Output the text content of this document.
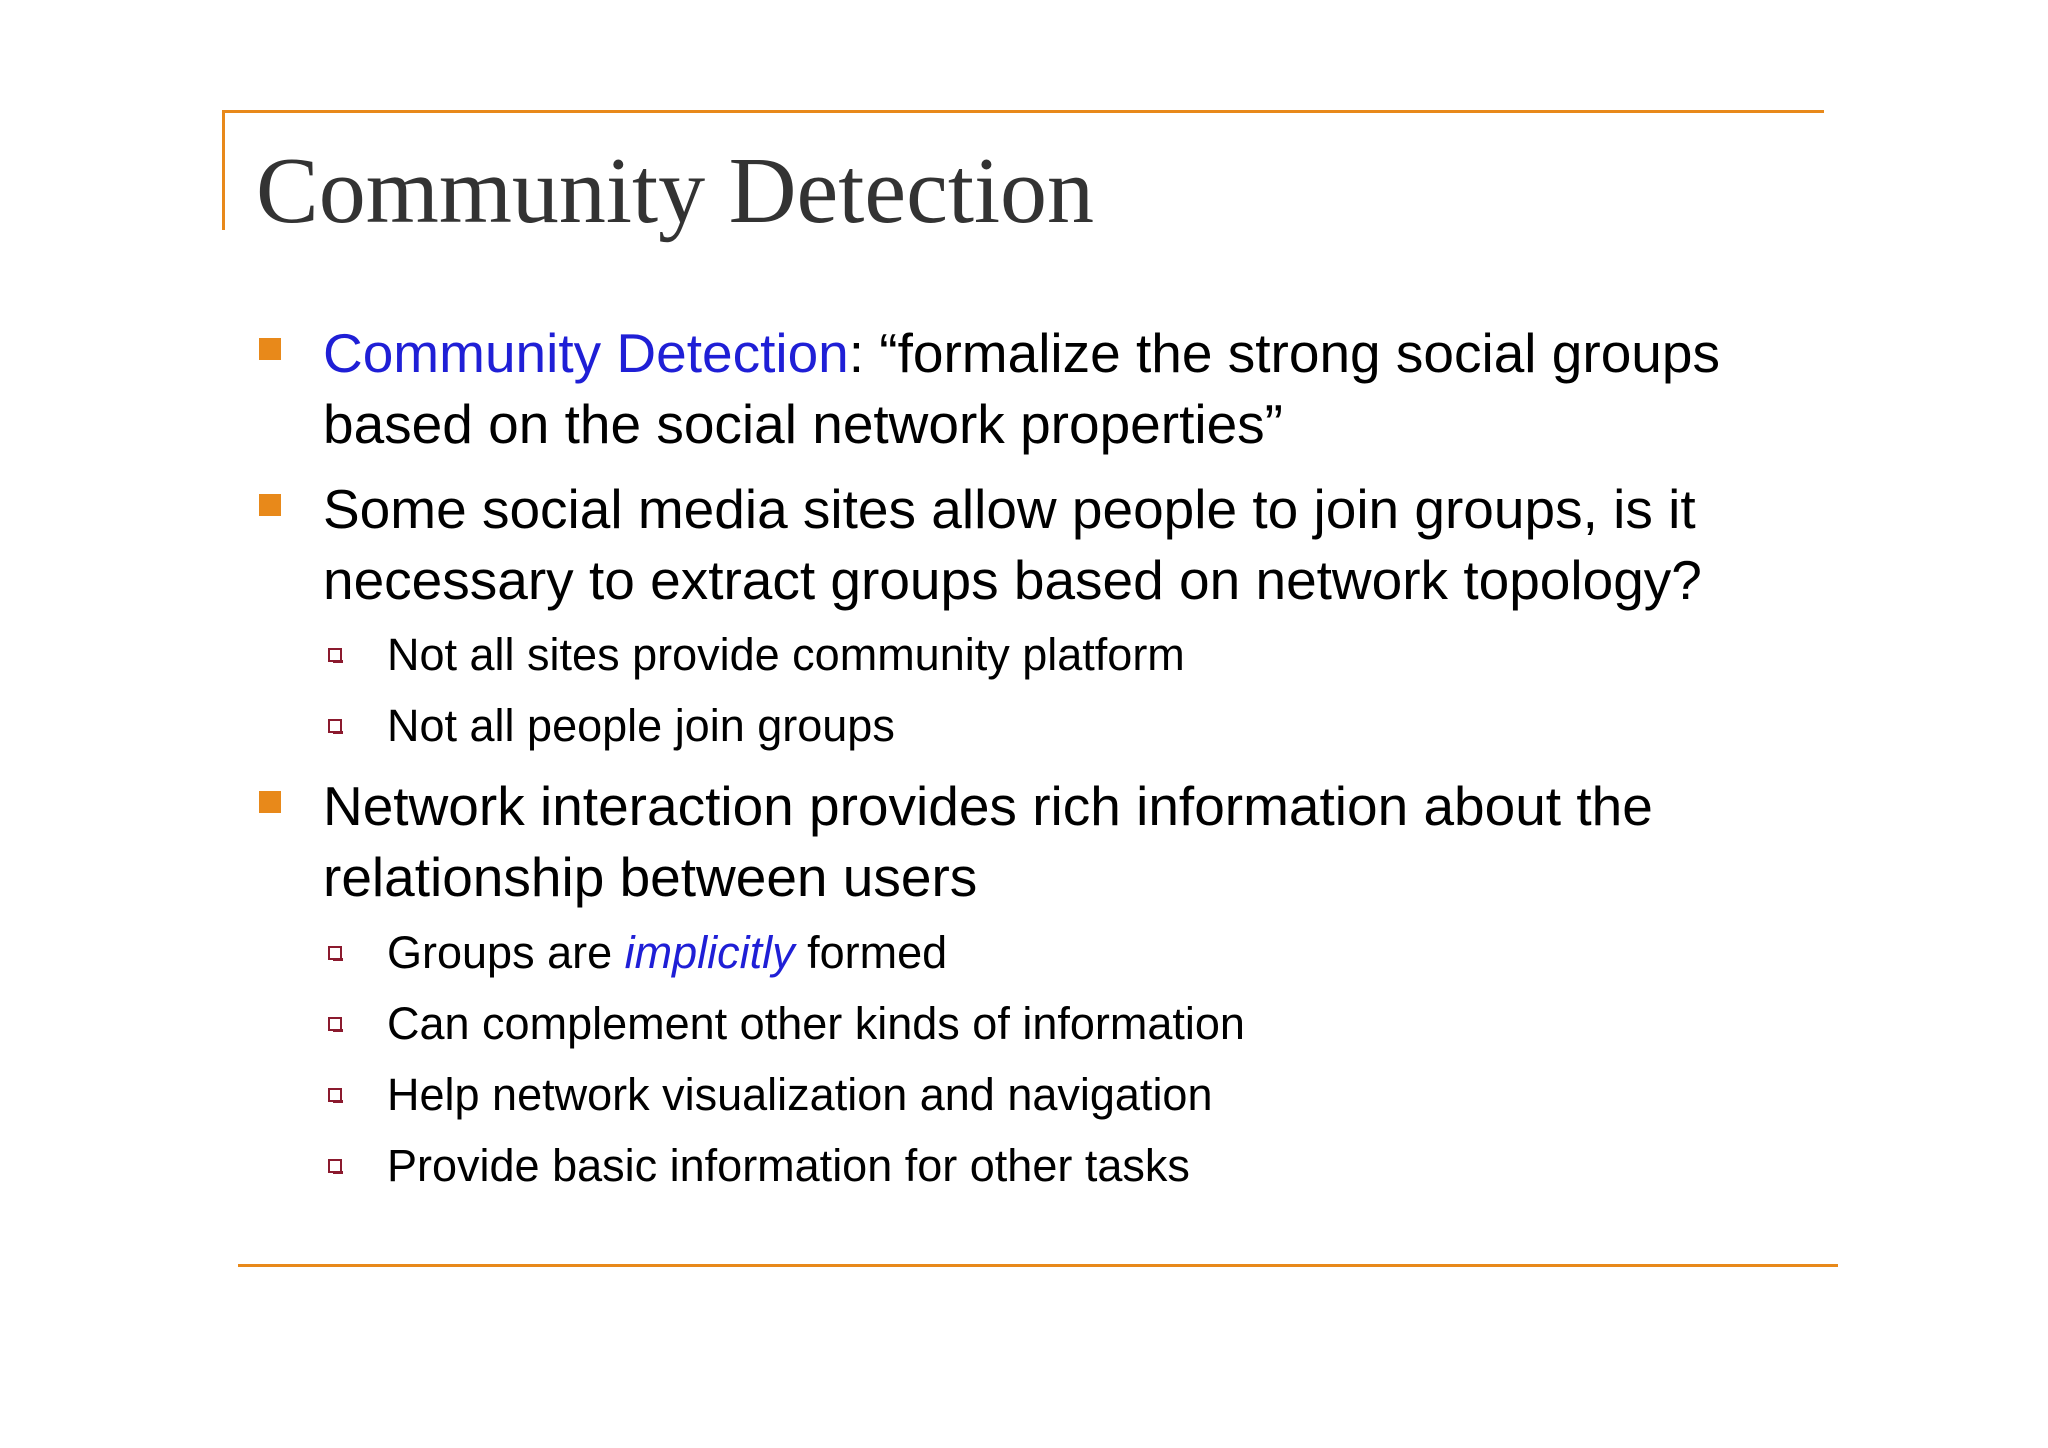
Community Detection
Community Detection: “formalize the strong social groups based on the social network properties”
Some social media sites allow people to join groups, is it necessary to extract groups based on network topology?
Not all sites provide community platform
Not all people join groups
Network interaction provides rich information about the relationship between users
Groups are implicitly formed
Can complement other kinds of information
Help network visualization and navigation
Provide basic information for other tasks
